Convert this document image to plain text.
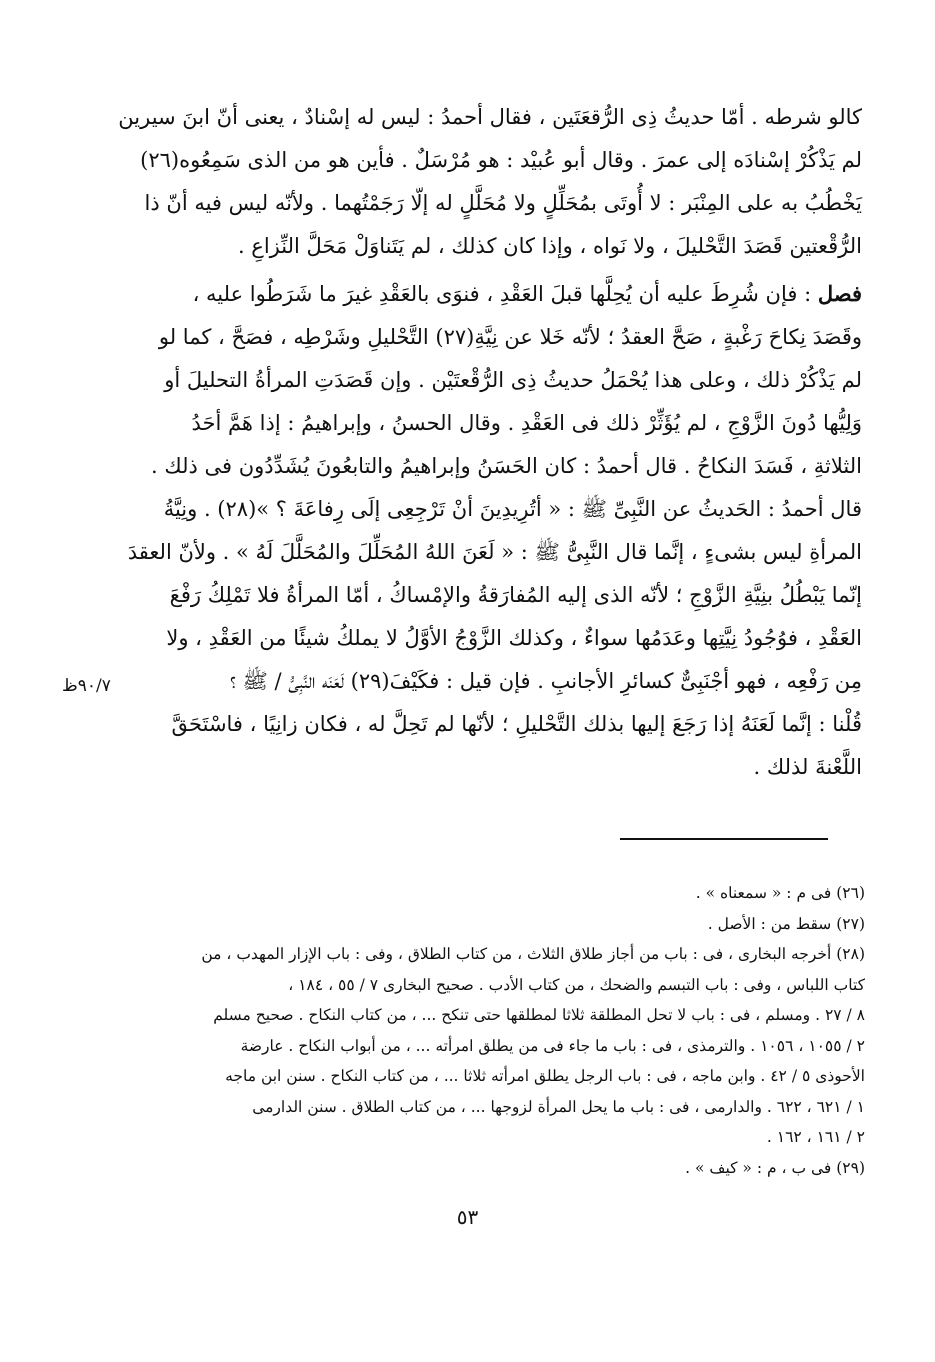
كالو شرطه . أمّا حديثُ ذِى الرُّقعَتَين ، فقال أحمدُ : ليس له إسْنادٌ ، يعنى أنّ ابنَ سيرين
لم يَذْكُرْ إسْنادَه إلى عمرَ . وقال أبو عُبيْد : هو مُرْسَلٌ . فأين هو من الذى سَمِعُوه(٢٦)
يَخْطُبُ به على المِنْبَر : لا أُوتَى بمُحَلِّلٍ ولا مُحَلَّلٍ له إلّا رَجَمْتُهما . ولأنّه ليس فيه أنّ ذا
الرُّقْعتين قَصَدَ التَّحْليلَ ، ولا نَواه ، وإذا كان كذلك ، لم يَتَناوَلْ مَحَلَّ النِّزاعِ .

فصل : فإن شُرِطَ عليه أن يُحِلَّها قبلَ العَقْدِ ، فنوَى بالعَقْدِ غيرَ ما شَرَطُوا عليه ،
وقَصَدَ نِكاحَ رَغْبةٍ ، صَحَّ العقدُ ؛ لأنّه خَلا عن نِيَّةِ(٢٧) التَّحْليلِ وشَرْطِه ، فصَحَّ ، كما لو
لم يَذْكُرْ ذلك ، وعلى هذا يُحْمَلُ حديثُ ذِى الرُّقْعتَيْن . وإن قَصَدَتِ المرأةُ التحليلَ أو
وَلِيُّها دُونَ الزَّوْجِ ، لم يُؤَثِّرْ ذلك فى العَقْدِ . وقال الحسنُ ، وإبراهيمُ : إذا هَمَّ أحَدُ
الثلاثةِ ، فَسَدَ النكاحُ . قال أحمدُ : كان الحَسَنُ وإبراهيمُ والتابعُونَ يُشَدِّدُون فى ذلك .
قال أحمدُ : الحَديثُ عن النَّبِىِّ ﷺ : « أتُرِيدِينَ أنْ تَرْجِعِى إلَى رِفاعَةَ ؟ »(٢٨) . ونِيَّةُ
المرأةِ ليس بشىءٍ ، إنَّما قال النَّبِىُّ ﷺ : « لَعَنَ اللهُ المُحَلِّلَ والمُحَلَّلَ لَهُ » . ولأنّ العقدَ
إنّما يَبْطُلُ بنِيَّةِ الزَّوْجِ ؛ لأنّه الذى إليه المُفارَقةُ والإمْساكُ ، أمّا المرأةُ فلا تَمْلِكُ رَفْعَ
العَقْدِ ، فوُجُودُ نِيَّتِها وعَدَمُها سواءٌ ، وكذلك الزَّوْجُ الأوَّلُ لا يملكُ شيئًا من العَقْدِ ، ولا
مِن رَفْعِه ، فهو أجْنَبِىٌّ كسائرِ الأجانبِ . فإن قيل : فكَيْفَ(٢٩) لَعَنَه النَّبِىُّ / ﷺ ؟
قُلْنا : إنَّما لَعَنَهُ إذا رَجَعَ إليها بذلك التَّحْليلِ ؛ لأنّها لم تَحِلَّ له ، فكان زانِيًا ، فاسْتَحَقَّ
اللَّعْنةَ لذلك .

٩٠/٧ظ
(٢٦) فى م : « سمعناه » .
(٢٧) سقط من : الأصل .
(٢٨) أخرجه البخارى ، فى : باب من أجاز طلاق الثلاث ، من كتاب الطلاق ، وفى : باب الإزار المهدب ، من
كتاب اللباس ، وفى : باب التبسم والضحك ، من كتاب الأدب . صحيح البخارى ٧ / ٥٥ ، ١٨٤ ،
٨ / ٢٧ . ومسلم ، فى : باب لا تحل المطلقة ثلاثا لمطلقها حتى تنكح ... ، من كتاب النكاح . صحيح مسلم
٢ / ١٠٥٥ ، ١٠٥٦ . والترمذى ، فى : باب ما جاء فى من يطلق امرأته ... ، من أبواب النكاح . عارضة
الأحوذى ٥ / ٤٢ . وابن ماجه ، فى : باب الرجل يطلق امرأته ثلاثا ... ، من كتاب النكاح . سنن ابن ماجه
١ / ٦٢١ ، ٦٢٢ . والدارمى ، فى : باب ما يحل المرأة لزوجها ... ، من كتاب الطلاق . سنن الدارمى
٢ / ١٦١ ، ١٦٢ .
(٢٩) فى ب ، م : « كيف » .
٥٣
